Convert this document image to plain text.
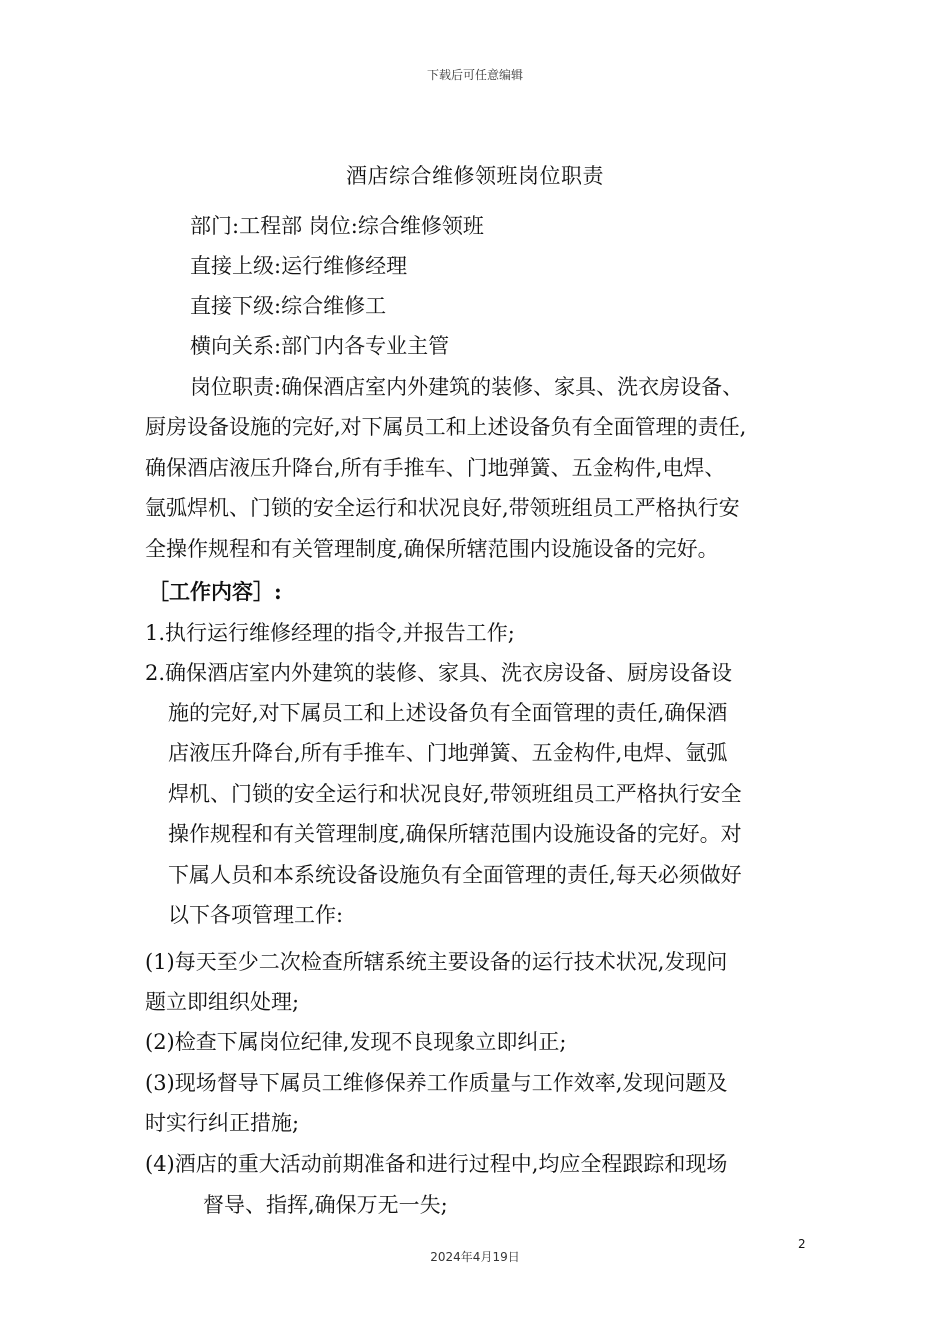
下载后可任意编辑
酒店综合维修领班岗位职责
部门:工程部 岗位:综合维修领班
直接上级:运行维修经理
直接下级:综合维修工
横向关系:部门内各专业主管
岗位职责:确保酒店室内外建筑的装修、家具、洗衣房设备、
厨房设备设施的完好,对下属员工和上述设备负有全面管理的责任,
确保酒店液压升降台,所有手推车、门地弹簧、五金构件,电焊、
氩弧焊机、门锁的安全运行和状况良好,带领班组员工严格执行安
全操作规程和有关管理制度,确保所辖范围内设施设备的完好。
［工作内容］:
1.执行运行维修经理的指令,并报告工作;
2.确保酒店室内外建筑的装修、家具、洗衣房设备、厨房设备设
施的完好,对下属员工和上述设备负有全面管理的责任,确保酒
店液压升降台,所有手推车、门地弹簧、五金构件,电焊、氩弧
焊机、门锁的安全运行和状况良好,带领班组员工严格执行安全
操作规程和有关管理制度,确保所辖范围内设施设备的完好。对
下属人员和本系统设备设施负有全面管理的责任,每天必须做好
以下各项管理工作:
(1)每天至少二次检查所辖系统主要设备的运行技术状况,发现问
题立即组织处理;
(2)检查下属岗位纪律,发现不良现象立即纠正;
(3)现场督导下属员工维修保养工作质量与工作效率,发现问题及
时实行纠正措施;
(4)酒店的重大活动前期准备和进行过程中,均应全程跟踪和现场
督导、指挥,确保万无一失;
2
2024年4月19日
